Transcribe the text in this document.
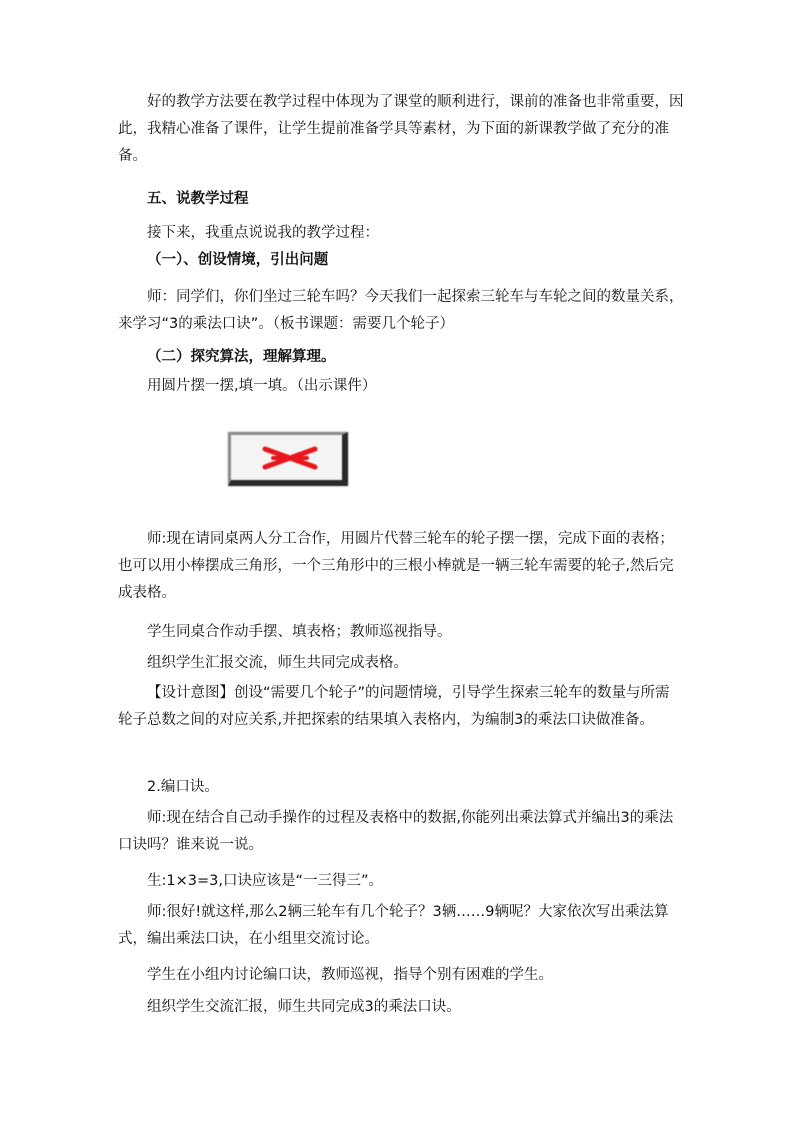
好的教学方法要在教学过程中体现为了课堂的顺利进行，课前的准备也非常重要，因此，我精心准备了课件，让学生提前准备学具等素材，为下面的新课教学做了充分的准备。

五、说教学过程

接下来，我重点说说我的教学过程：

（一）、创设情境，引出问题

师：同学们，你们坐过三轮车吗？今天我们一起探索三轮车与车轮之间的数量关系，来学习“3的乘法口诀”。（板书课题：需要几个轮子）

（二）探究算法，理解算理。

用圆片摆一摆,填一填。（出示课件）

师:现在请同桌两人分工合作，用圆片代替三轮车的轮子摆一摆，完成下面的表格；也可以用小棒摆成三角形，一个三角形中的三根小棒就是一辆三轮车需要的轮子,然后完成表格。

学生同桌合作动手摆、填表格；教师巡视指导。

组织学生汇报交流，师生共同完成表格。

【设计意图】创设“需要几个轮子”的问题情境，引导学生探索三轮车的数量与所需轮子总数之间的对应关系,并把探索的结果填入表格内，为编制3的乘法口诀做准备。

2.编口诀。

师:现在结合自己动手操作的过程及表格中的数据,你能列出乘法算式并编出3的乘法口诀吗？谁来说一说。

生:1×3=3,口诀应该是“一三得三”。

师:很好!就这样,那么2辆三轮车有几个轮子？3辆……9辆呢？大家依次写出乘法算式，编出乘法口诀，在小组里交流讨论。

学生在小组内讨论编口诀，教师巡视，指导个别有困难的学生。

组织学生交流汇报，师生共同完成3的乘法口诀。
